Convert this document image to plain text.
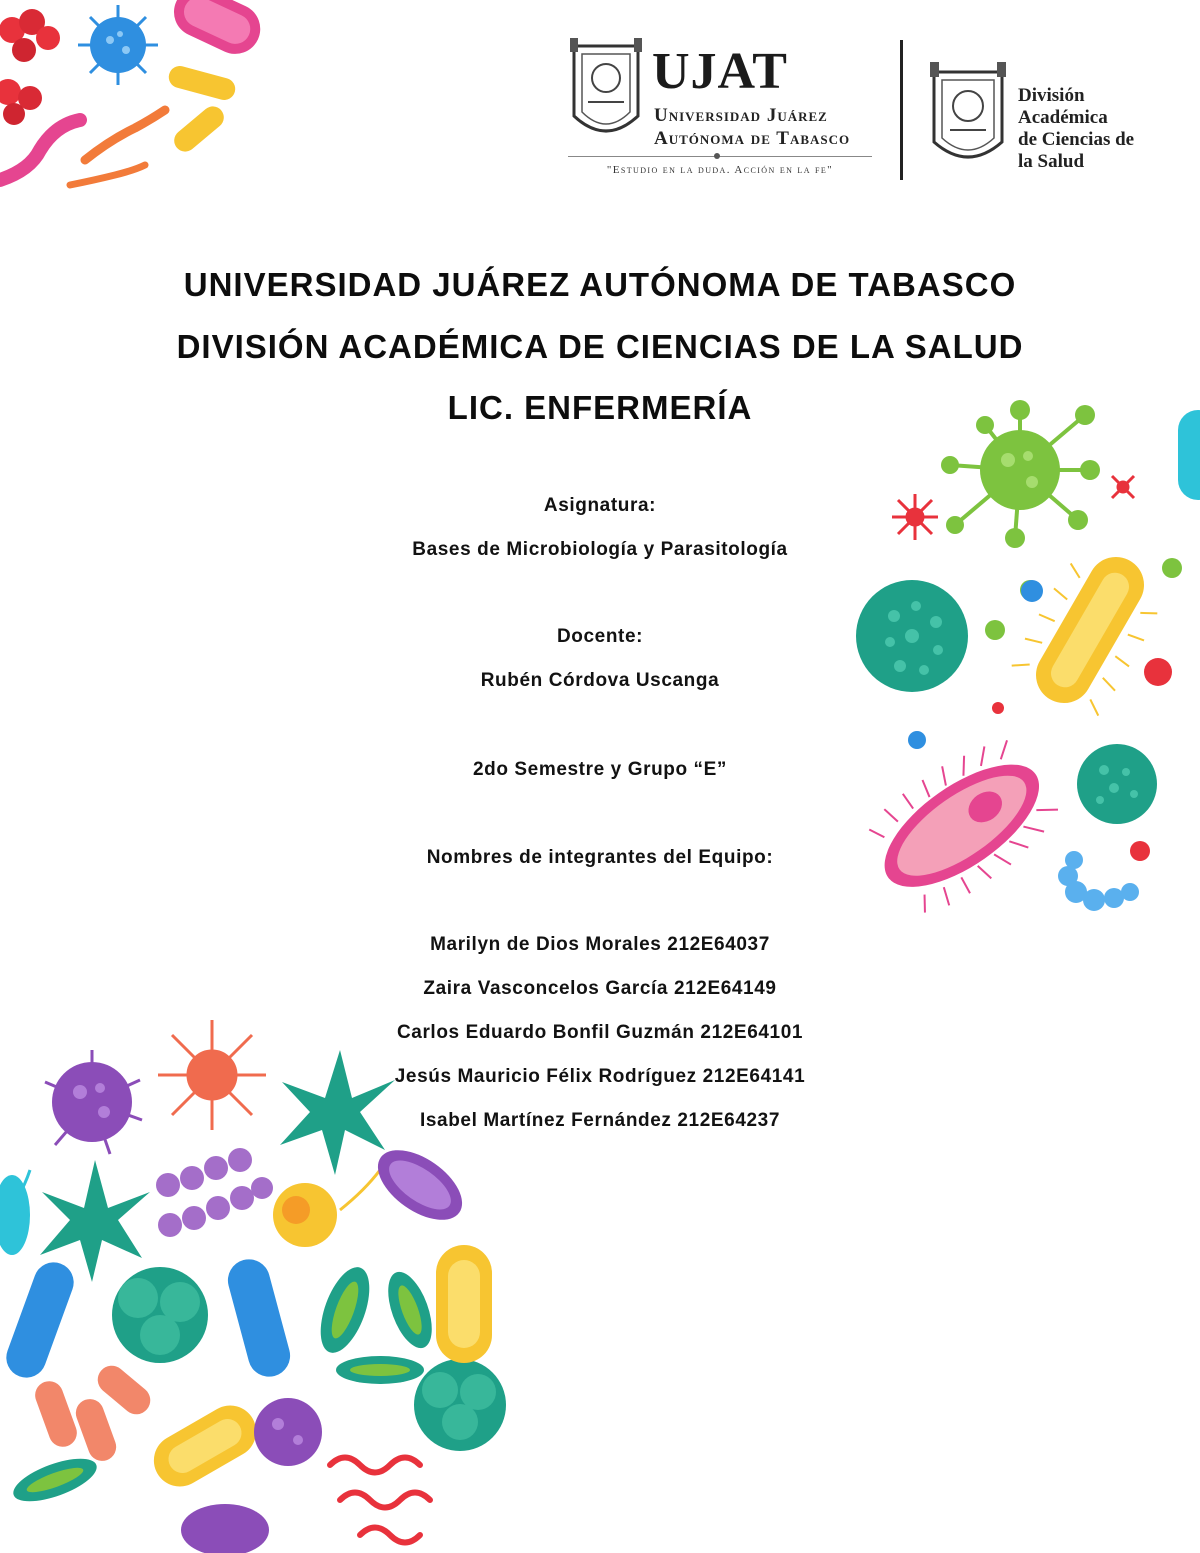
UJAT
Universidad Juárez
Autónoma de Tabasco
"Estudio en la duda. Acción en la fe"
División
Académica
de Ciencias de
la Salud
UNIVERSIDAD JUÁREZ AUTÓNOMA DE TABASCO
DIVISIÓN ACADÉMICA DE CIENCIAS DE LA SALUD
LIC. ENFERMERÍA
Asignatura:
Bases de Microbiología y Parasitología
Docente:
Rubén Córdova Uscanga
2do Semestre y Grupo “E”
Nombres de integrantes del Equipo:
Marilyn de Dios Morales 212E64037
Zaira Vasconcelos García 212E64149
Carlos Eduardo Bonfil Guzmán 212E64101
Jesús Mauricio Félix Rodríguez 212E64141
Isabel Martínez Fernández 212E64237
